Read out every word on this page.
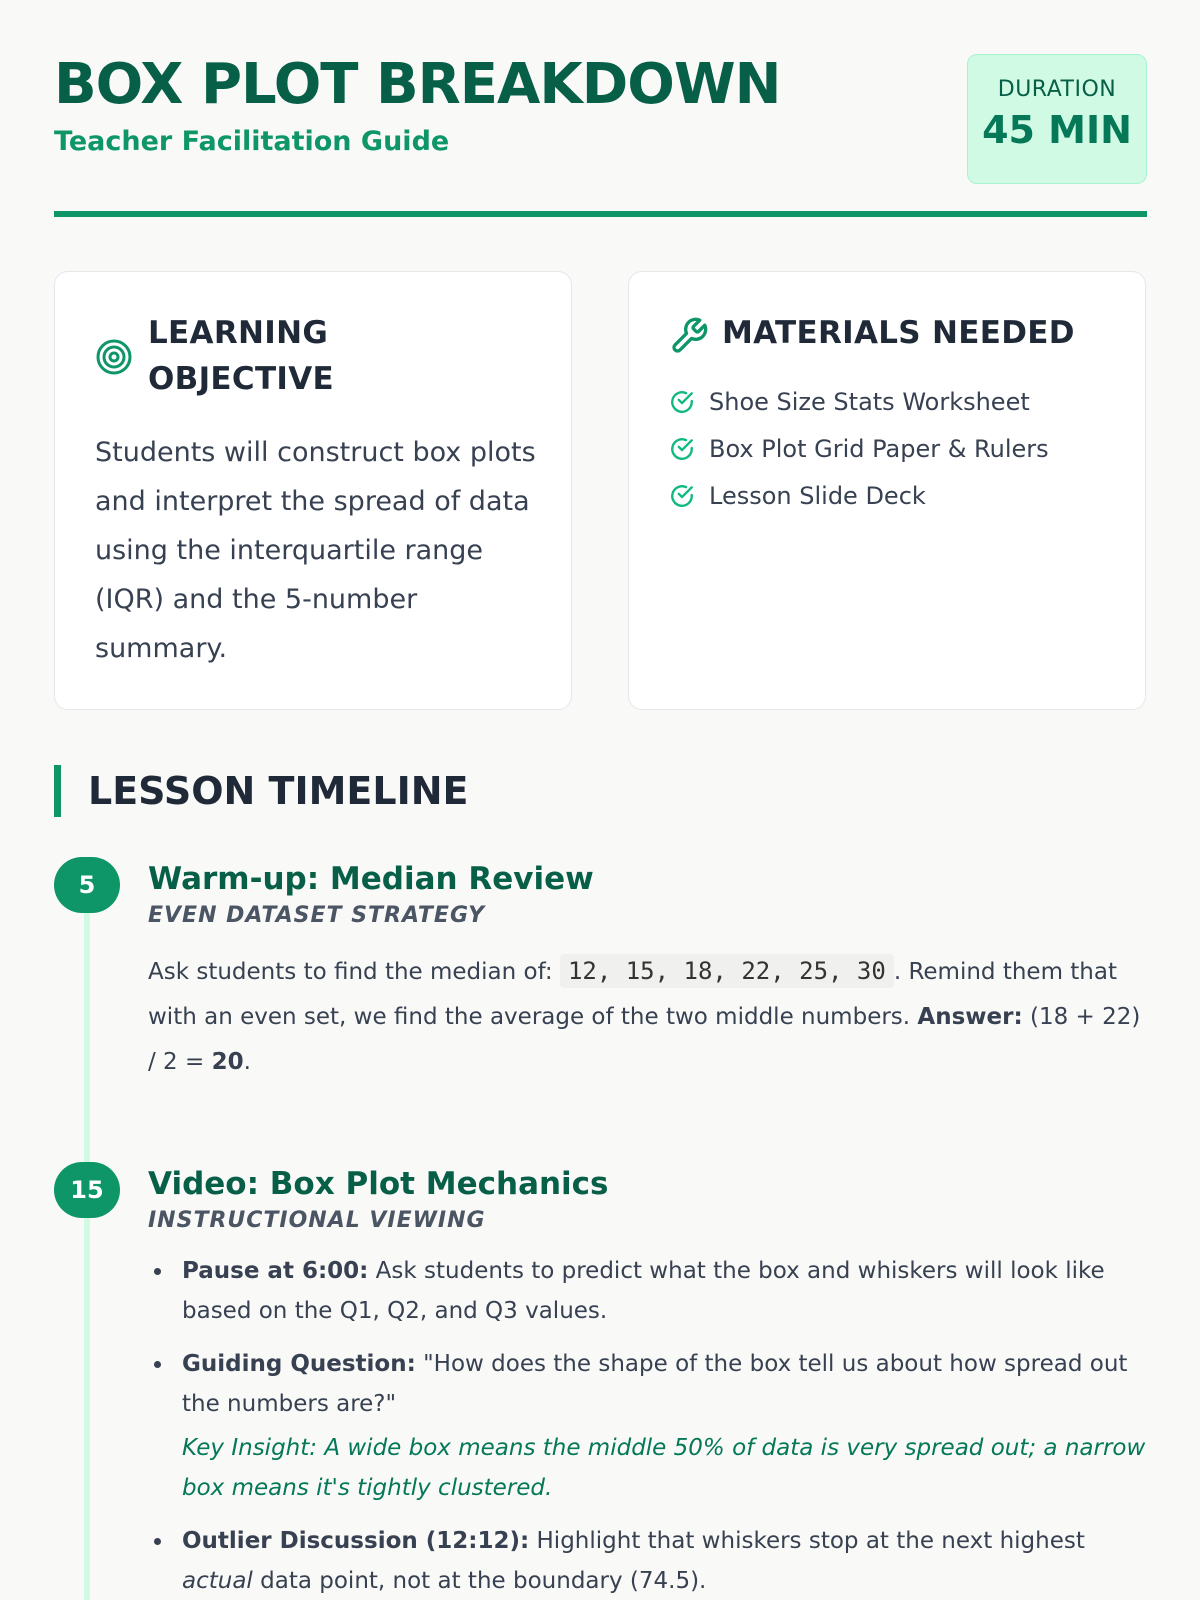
BOX PLOT BREAKDOWN
Teacher Facilitation Guide
DURATION
45 MIN
LEARNING
OBJECTIVE
Students will construct box plots and interpret the spread of data using the interquartile range (IQR) and the 5-number summary.
MATERIALS NEEDED
Shoe Size Stats Worksheet
Box Plot Grid Paper & Rulers
Lesson Slide Deck
LESSON TIMELINE
5	Warm-up: Median Review
EVEN DATASET STRATEGY
Ask students to find the median of: 12, 15, 18, 22, 25, 30 . Remind them that with an even set, we find the average of the two middle numbers. Answer: (18 + 22) / 2 = 20.
15	Video: Box Plot Mechanics
INSTRUCTIONAL VIEWING
Pause at 6:00: Ask students to predict what the box and whiskers will look like based on the Q1, Q2, and Q3 values.
Guiding Question: "How does the shape of the box tell us about how spread out the numbers are?"
Key Insight: A wide box means the middle 50% of data is very spread out; a narrow box means it's tightly clustered.
Outlier Discussion (12:12): Highlight that whiskers stop at the next highest actual data point, not at the boundary (74.5).
